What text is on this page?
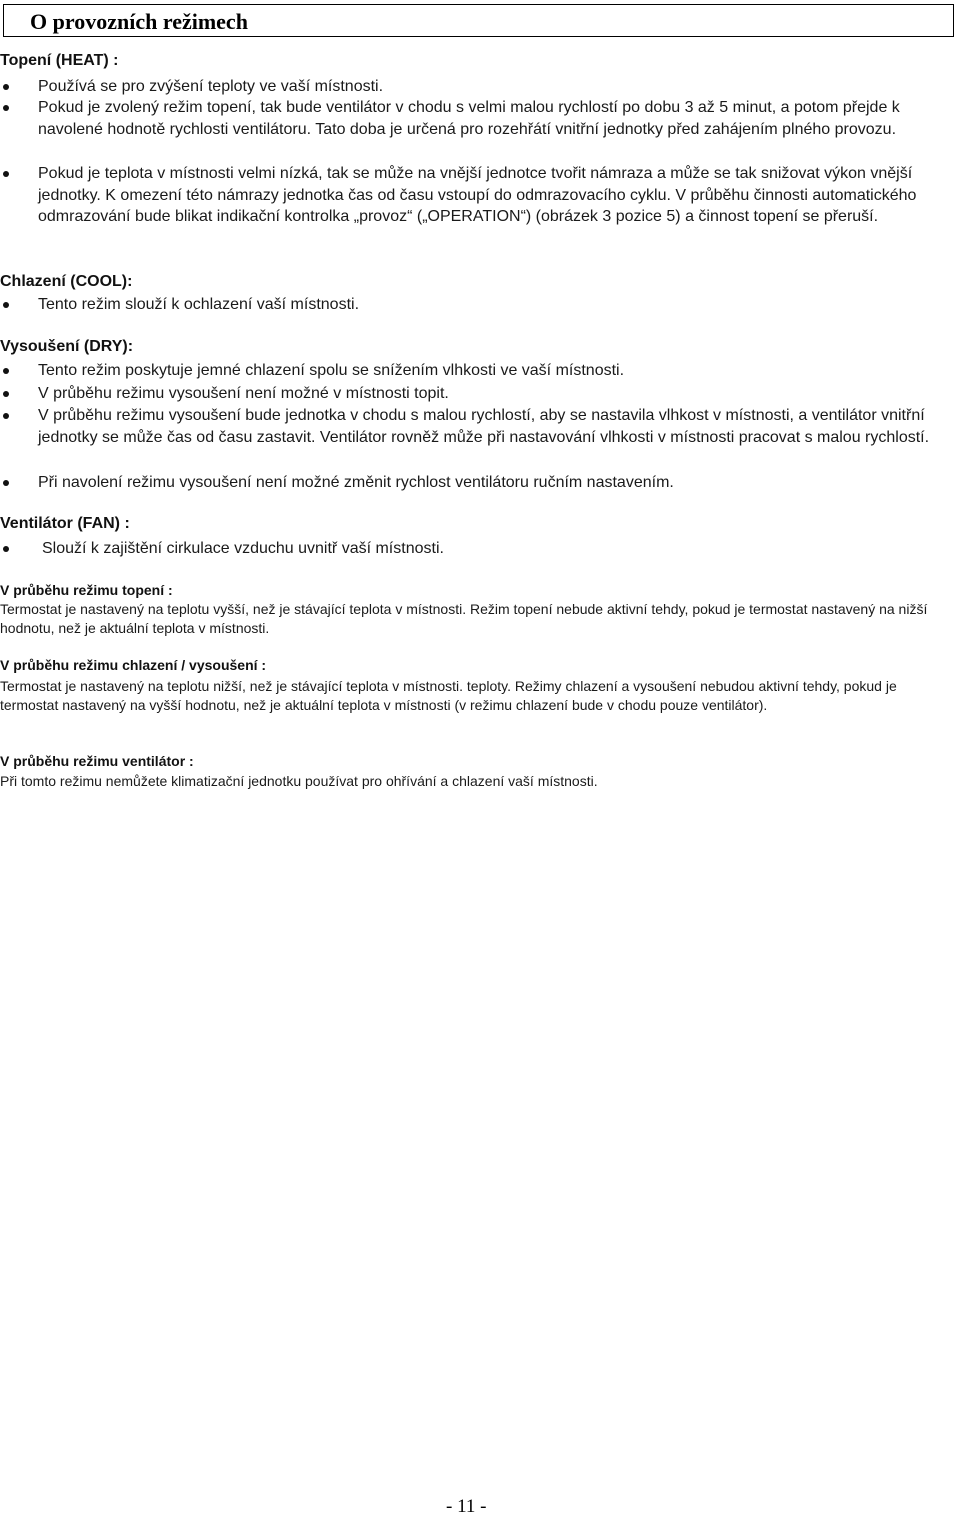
O provozních režimech
Topení (HEAT) :
Používá se pro zvýšení teploty ve vaší místnosti.
Pokud je zvolený režim topení, tak bude ventilátor v chodu s velmi malou rychlostí po dobu 3 až 5 minut, a potom přejde k navolené hodnotě rychlosti ventilátoru. Tato doba je určená pro rozehřátí vnitřní jednotky před zahájením plného provozu.
Pokud je teplota v místnosti velmi nízká, tak se může na vnější jednotce tvořit námraza a může se tak snižovat výkon vnější jednotky. K omezení této námrazy jednotka čas od času vstoupí do odmrazovacího cyklu. V průběhu činnosti automatického odmrazování bude blikat indikační kontrolka „provoz“ („OPERATION“) (obrázek 3 pozice 5) a činnost topení se přeruší.
Chlazení (COOL):
Tento režim slouží k ochlazení vaší místnosti.
Vysoušení (DRY):
Tento režim poskytuje jemné chlazení spolu se snížením vlhkosti ve vaší místnosti.
V průběhu režimu vysoušení není možné v místnosti topit.
V průběhu režimu vysoušení bude jednotka v chodu s malou rychlostí, aby se nastavila vlhkost v místnosti, a ventilátor vnitřní jednotky se může čas od času zastavit. Ventilátor rovněž může při nastavování vlhkosti v místnosti pracovat s malou rychlostí.
Při navolení režimu vysoušení není možné změnit rychlost ventilátoru ručním nastavením.
Ventilátor (FAN) :
Slouží k zajištění cirkulace vzduchu uvnitř vaší místnosti.
V průběhu režimu topení :
Termostat je nastavený na teplotu vyšší, než je stávající teplota v místnosti. Režim topení nebude aktivní tehdy, pokud je termostat nastavený na nižší hodnotu, než je aktuální teplota v místnosti.
V průběhu režimu chlazení / vysoušení :
Termostat je nastavený na teplotu nižší, než je stávající teplota v místnosti. teploty. Režimy chlazení a vysoušení nebudou aktivní tehdy, pokud je termostat nastavený na vyšší hodnotu, než je aktuální teplota v místnosti (v režimu chlazení bude v chodu pouze ventilátor).
V průběhu režimu ventilátor :
Při tomto režimu nemůžete klimatizační jednotku používat pro ohřívání a chlazení vaší místnosti.
- 11 -
